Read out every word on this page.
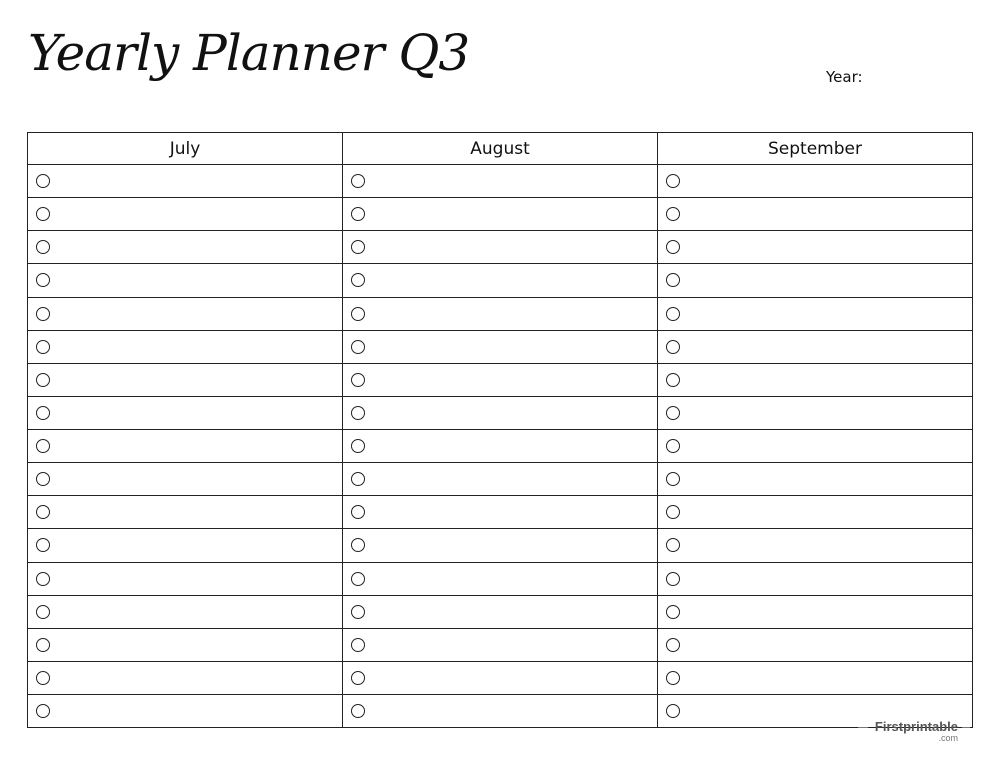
Yearly Planner Q3	Year:
July	August	September
Firstprintable
.com
